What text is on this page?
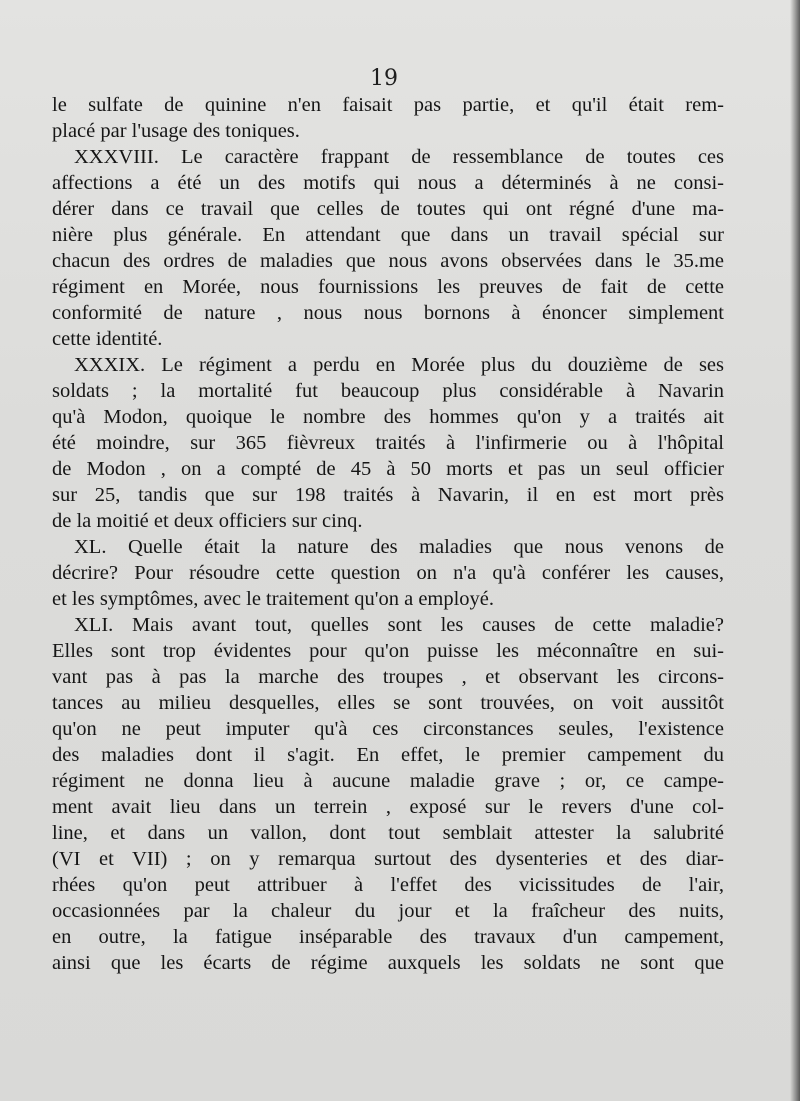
19
le sulfate de quinine n'en faisait pas partie, et qu'il était rem-
placé par l'usage des toniques.
XXXVIII. Le caractère frappant de ressemblance de toutes ces
affections a été un des motifs qui nous a déterminés à ne consi-
dérer dans ce travail que celles de toutes qui ont régné d'une ma-
nière plus générale. En attendant que dans un travail spécial sur
chacun des ordres de maladies que nous avons observées dans le 35.me
régiment en Morée, nous fournissions les preuves de fait de cette
conformité de nature , nous nous bornons à énoncer simplement
cette identité.
XXXIX. Le régiment a perdu en Morée plus du douzième de ses
soldats ; la mortalité fut beaucoup plus considérable à Navarin
qu'à Modon, quoique le nombre des hommes qu'on y a traités ait
été moindre, sur 365 fièvreux traités à l'infirmerie ou à l'hôpital
de Modon , on a compté de 45 à 50 morts et pas un seul officier
sur 25, tandis que sur 198 traités à Navarin, il en est mort près
de la moitié et deux officiers sur cinq.
XL. Quelle était la nature des maladies que nous venons de
décrire? Pour résoudre cette question on n'a qu'à conférer les causes,
et les symptômes, avec le traitement qu'on a employé.
XLI. Mais avant tout, quelles sont les causes de cette maladie?
Elles sont trop évidentes pour qu'on puisse les méconnaître en sui-
vant pas à pas la marche des troupes , et observant les circons-
tances au milieu desquelles, elles se sont trouvées, on voit aussitôt
qu'on ne peut imputer qu'à ces circonstances seules, l'existence
des maladies dont il s'agit. En effet, le premier campement du
régiment ne donna lieu à aucune maladie grave ; or, ce campe-
ment avait lieu dans un terrein , exposé sur le revers d'une col-
line, et dans un vallon, dont tout semblait attester la salubrité
(VI et VII) ; on y remarqua surtout des dysenteries et des diar-
rhées qu'on peut attribuer à l'effet des vicissitudes de l'air,
occasionnées par la chaleur du jour et la fraîcheur des nuits,
en outre, la fatigue inséparable des travaux d'un campement,
ainsi que les écarts de régime auxquels les soldats ne sont que
